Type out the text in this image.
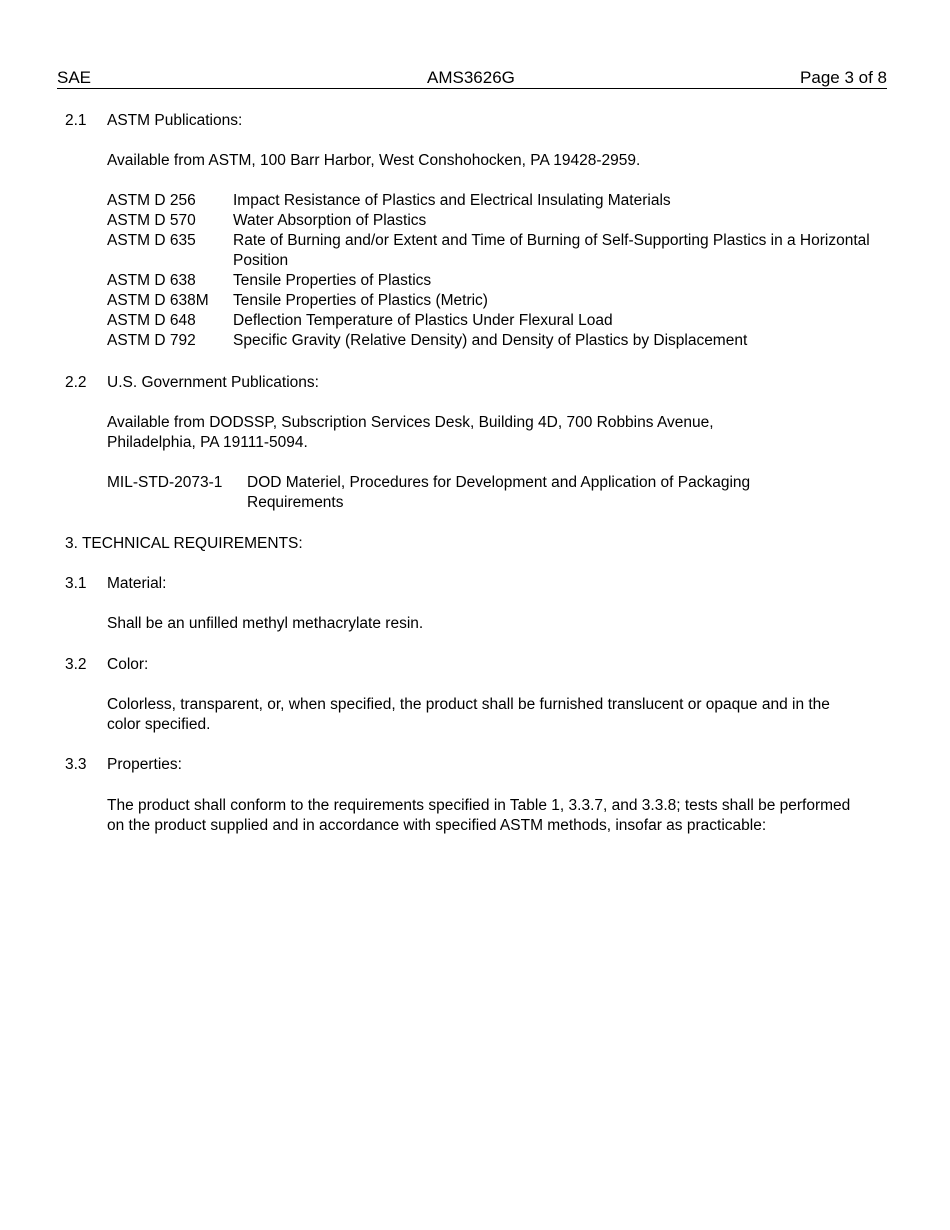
SAE	AMS3626G	Page 3 of 8
2.1 ASTM Publications:
Available from ASTM, 100 Barr Harbor, West Conshohocken, PA 19428-2959.
ASTM D 256 Impact Resistance of Plastics and Electrical Insulating Materials
ASTM D 570 Water Absorption of Plastics
ASTM D 635 Rate of Burning and/or Extent and Time of Burning of Self-Supporting Plastics in a Horizontal Position
ASTM D 638 Tensile Properties of Plastics
ASTM D 638M Tensile Properties of Plastics (Metric)
ASTM D 648 Deflection Temperature of Plastics Under Flexural Load
ASTM D 792 Specific Gravity (Relative Density) and Density of Plastics by Displacement
2.2 U.S. Government Publications:
Available from DODSSP, Subscription Services Desk, Building 4D, 700 Robbins Avenue, Philadelphia, PA 19111-5094.
MIL-STD-2073-1 DOD Materiel, Procedures for Development and Application of Packaging Requirements
3. TECHNICAL REQUIREMENTS:
3.1 Material:
Shall be an unfilled methyl methacrylate resin.
3.2 Color:
Colorless, transparent, or, when specified, the product shall be furnished translucent or opaque and in the color specified.
3.3 Properties:
The product shall conform to the requirements specified in Table 1, 3.3.7, and 3.3.8; tests shall be performed on the product supplied and in accordance with specified ASTM methods, insofar as practicable:
